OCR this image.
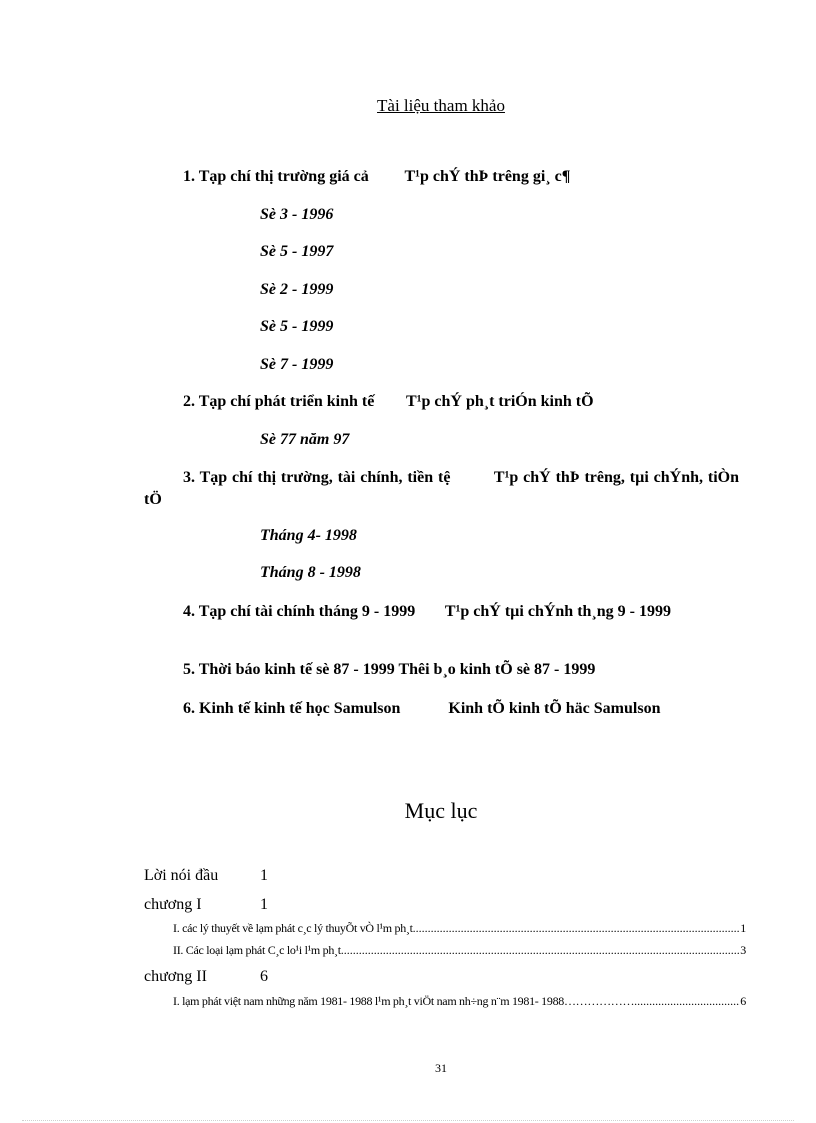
Tài liệu tham khảo
1. Tạp chí thị trường giá cả T¹p chÝ thÞ trêng gi¸ c¶
Sè 3 - 1996
Sè 5 - 1997
Sè 2 - 1999
Sè 5 - 1999
Sè 7 - 1999
2. Tạp chí phát triển kinh tế T¹p chÝ ph¸t triÓn kinh tÕ
Sè 77 năm 97
3. Tạp chí thị trường, tài chính, tiền tệ	T¹p chÝ thÞ trêng, tµi chÝnh, tiÒn tÖ
Tháng 4- 1998
Tháng 8 - 1998
4. Tạp chí tài chính tháng 9 - 1999 T¹p chÝ tµi chÝnh th¸ng 9 - 1999
5. Thời báo kinh tế sè 87 - 1999 Thêi b¸o kinh tÕ sè 87 - 1999
6. Kinh tế kinh tế học Samulson	Kinh tÕ kinh tÕ häc Samulson
Mục lục
Lời nói đầu	1
chương I	1
I. các lý thuyết về lạm phát c¸c lý thuyÕt vÒ l¹m ph¸t .....	1
II. Các loại lạm phát C¸c lo¹i l¹m ph¸t .....	3
chương II	6
I. lạm phát việt nam những năm 1981- 1988 l¹m ph¸t viÖt nam nh÷ng n¨m 1981- 1988……………… .....	6
31
